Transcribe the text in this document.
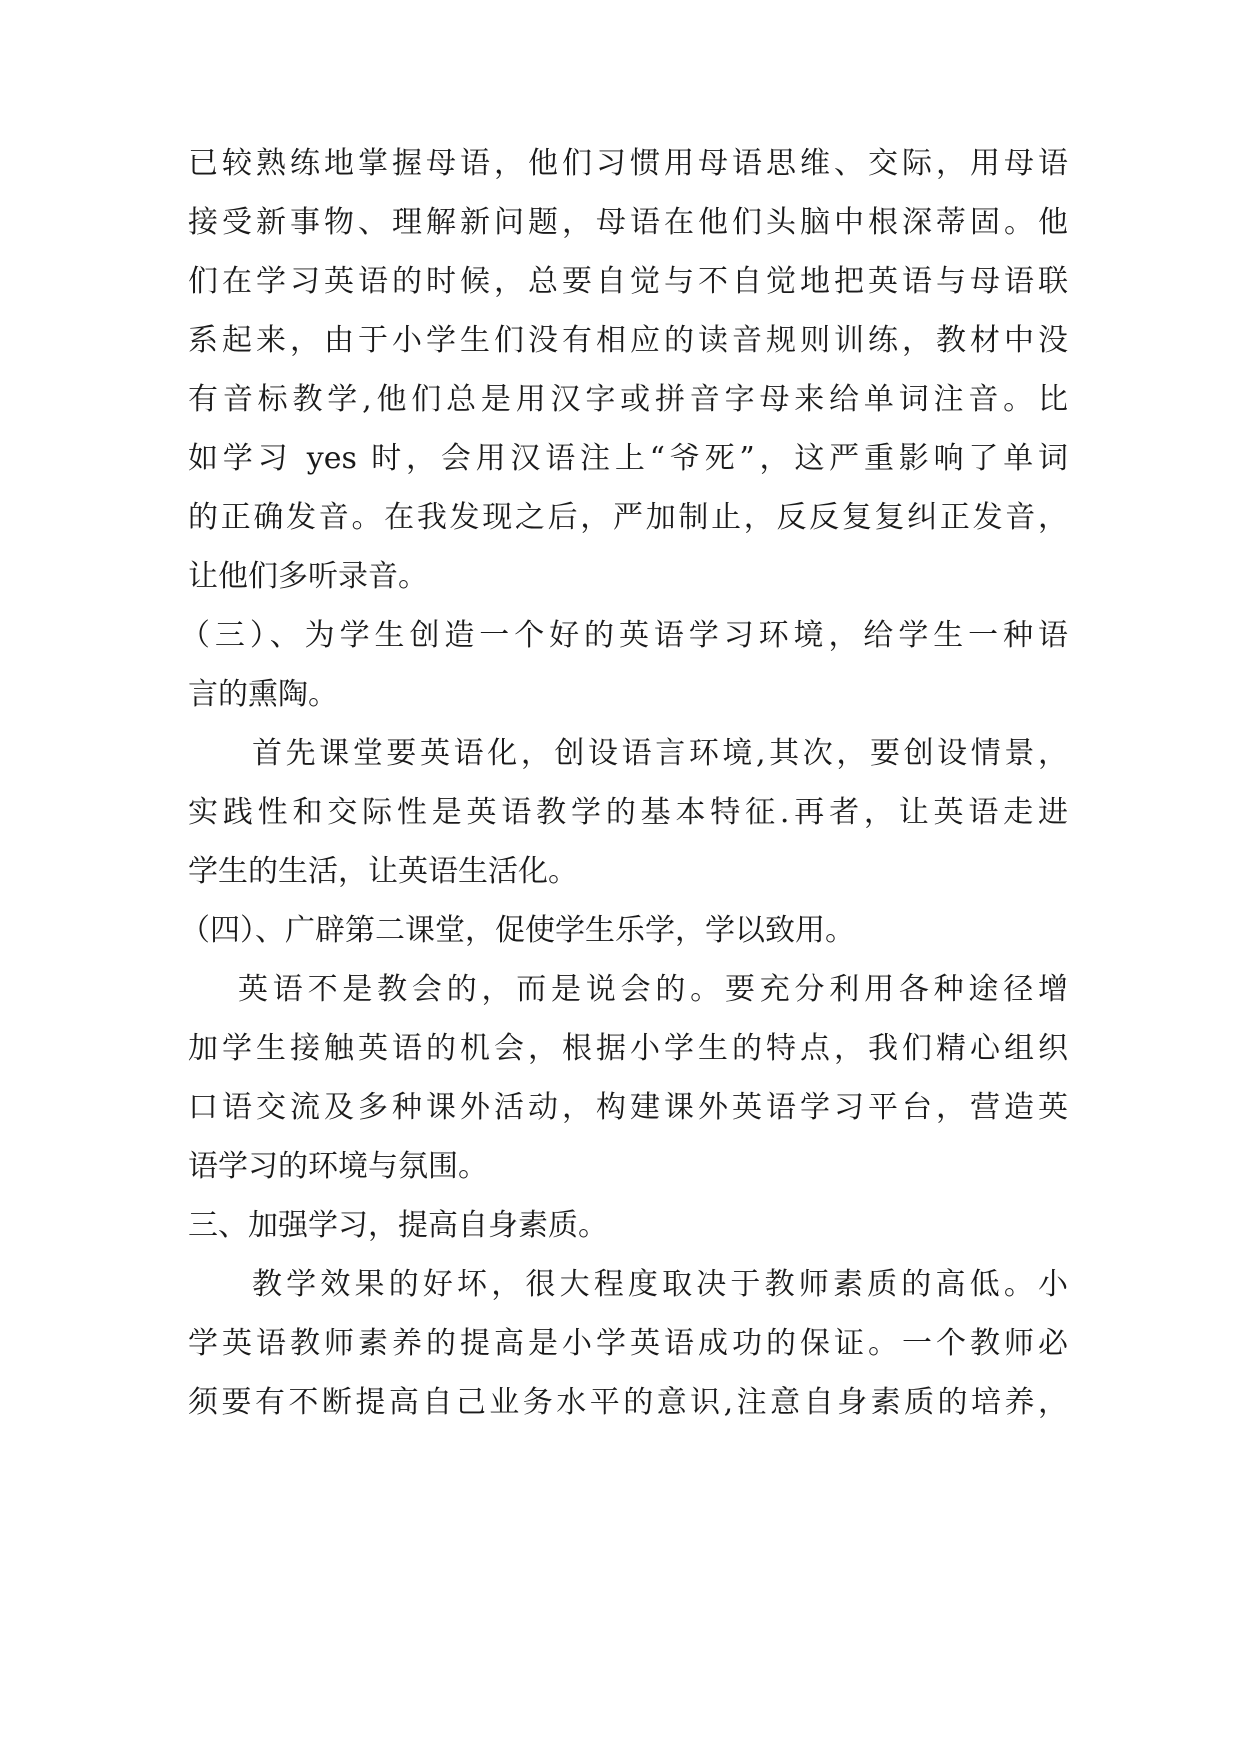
已较熟练地掌握母语，他们习惯用母语思维、交际，用母语
接受新事物、理解新问题，母语在他们头脑中根深蒂固。他
们在学习英语的时候，总要自觉与不自觉地把英语与母语联
系起来，由于小学生们没有相应的读音规则训练，教材中没
有音标教学,他们总是用汉字或拼音字母来给单词注音。比
如学习 yes 时，会用汉语注上“爷死”，这严重影响了单词
的正确发音。在我发现之后，严加制止，反反复复纠正发音，
让他们多听录音。
（三）、为学生创造一个好的英语学习环境，给学生一种语
言的熏陶。
首先课堂要英语化，创设语言环境,其次，要创设情景，
实践性和交际性是英语教学的基本特征.再者，让英语走进
学生的生活，让英语生活化。
（四）、广辟第二课堂，促使学生乐学，学以致用。
英语不是教会的，而是说会的。要充分利用各种途径增
加学生接触英语的机会，根据小学生的特点，我们精心组织
口语交流及多种课外活动，构建课外英语学习平台，营造英
语学习的环境与氛围。
三、加强学习，提高自身素质。
教学效果的好坏，很大程度取决于教师素质的高低。小
学英语教师素养的提高是小学英语成功的保证。一个教师必
须要有不断提高自己业务水平的意识,注意自身素质的培养，
